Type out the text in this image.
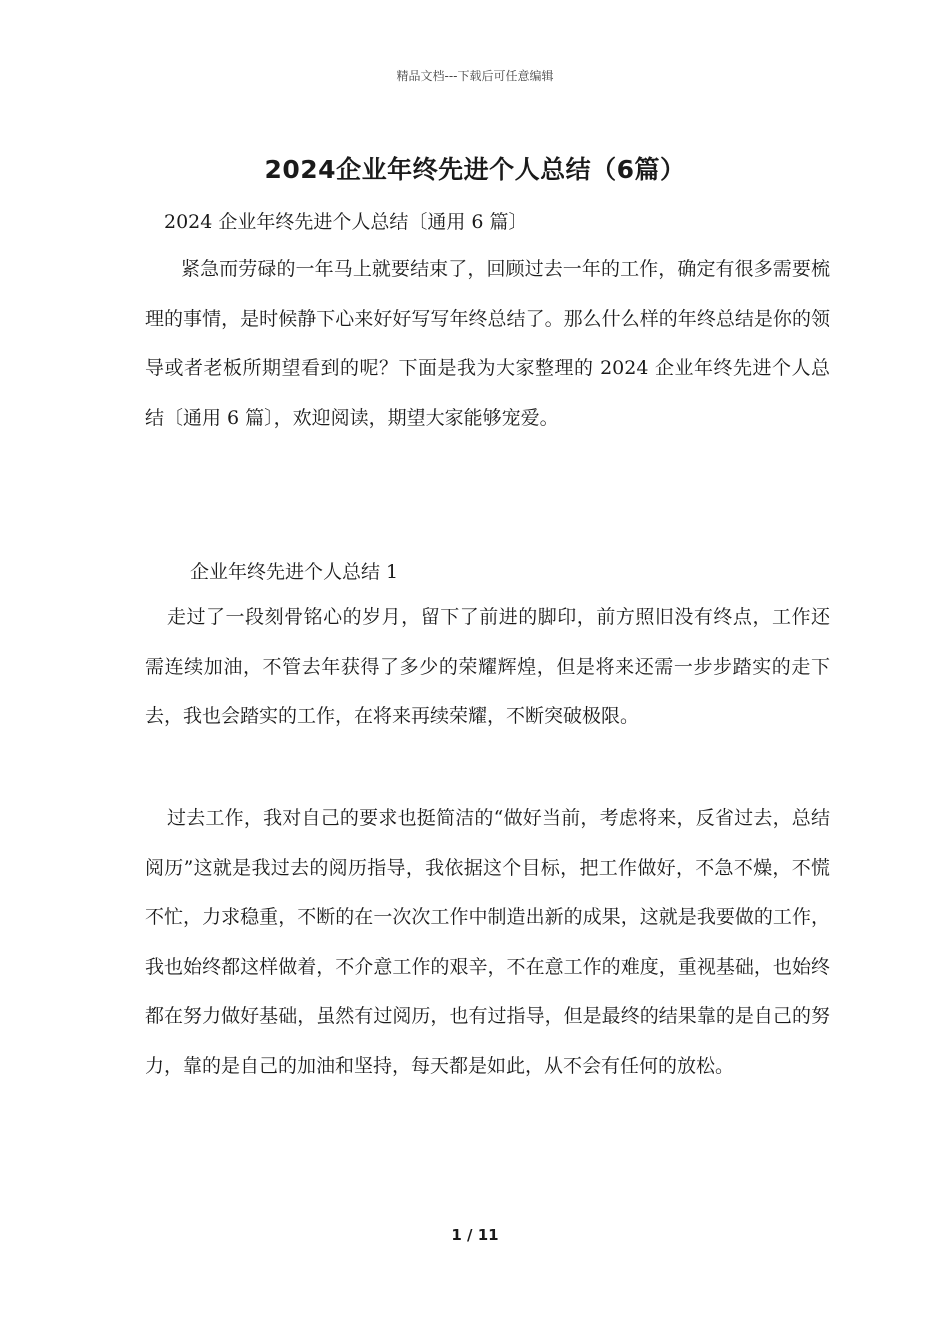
精品文档---下载后可任意编辑
2024企业年终先进个人总结（6篇）
2024 企业年终先进个人总结〔通用 6 篇〕

紧急而劳碌的一年马上就要结束了，回顾过去一年的工作，确定有很多需要梳理的事情，是时候静下心来好好写写年终总结了。那么什么样的年终总结是你的领导或者老板所期望看到的呢？下面是我为大家整理的 2024 企业年终先进个人总结〔通用 6 篇〕，欢迎阅读，期望大家能够宠爱。

企业年终先进个人总结 1

走过了一段刻骨铭心的岁月，留下了前进的脚印，前方照旧没有终点，工作还需连续加油，不管去年获得了多少的荣耀辉煌，但是将来还需一步步踏实的走下去，我也会踏实的工作，在将来再续荣耀，不断突破极限。

过去工作，我对自己的要求也挺简洁的“做好当前，考虑将来，反省过去，总结阅历”这就是我过去的阅历指导，我依据这个目标，把工作做好，不急不燥，不慌不忙，力求稳重，不断的在一次次工作中制造出新的成果，这就是我要做的工作，我也始终都这样做着，不介意工作的艰辛，不在意工作的难度，重视基础，也始终都在努力做好基础，虽然有过阅历，也有过指导，但是最终的结果靠的是自己的努力，靠的是自己的加油和坚持，每天都是如此，从不会有任何的放松。

1 / 11
